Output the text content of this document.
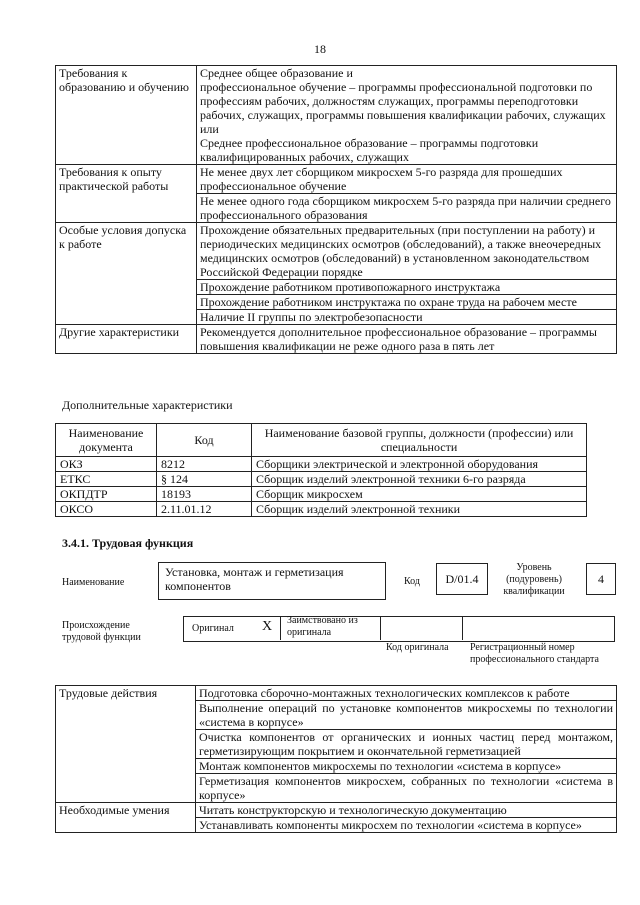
18
Требования к образованию и обучению	Среднее общее образование и
профессиональное обучение – программы профессиональной подготовки по профессиям рабочих, должностям служащих, программы переподготовки рабочих, служащих, программы повышения квалификации рабочих, служащих
или
Среднее профессиональное образование – программы подготовки квалифицированных рабочих, служащих

Требования к опыту практической работы	Не менее двух лет сборщиком микросхем 5-го разряда для прошедших профессиональное обучение
Не менее одного года сборщиком микросхем 5-го разряда при наличии среднего профессионального образования

Особые условия допуска к работе	Прохождение обязательных предварительных (при поступлении на работу) и периодических медицинских осмотров (обследований), а также внеочередных медицинских осмотров (обследований) в установленном законодательством Российской Федерации порядке
Прохождение работником противопожарного инструктажа
Прохождение работником инструктажа по охране труда на рабочем месте
Наличие II группы по электробезопасности

Другие характеристики	Рекомендуется дополнительное профессиональное образование – программы повышения квалификации не реже одного раза в пять лет
Дополнительные характеристики
Наименование документа	Код	Наименование базовой группы, должности (профессии) или специальности
ОКЗ	8212	Сборщики электрической и электронной оборудования
ЕТКС	§ 124	Сборщик изделий электронной техники 6-го разряда
ОКПДТР	18193	Сборщик микросхем
ОКСО	2.11.01.12	Сборщик изделий электронной техники
3.4.1. Трудовая функция
Наименование
Установка, монтаж и герметизация компонентов	Код	D/01.4
Уровень (подуровень) квалификации
4
Происхождение трудовой функции
Оригинал X Заимствовано из оригинала
Код оригинала Регистрационный номер профессионального стандарта
Трудовые действия	Подготовка сборочно-монтажных технологических комплексов к работе
Выполнение операций по установке компонентов микросхемы по технологии «система в корпусе»
Очистка компонентов от органических и ионных частиц перед монтажом, герметизирующим покрытием и окончательной герметизацией
Монтаж компонентов микросхемы по технологии «система в корпусе»
Герметизация компонентов микросхем, собранных по технологии «система в корпусе»

Необходимые умения	Читать конструкторскую и технологическую документацию
Устанавливать компоненты микросхем по технологии «система в корпусе»
